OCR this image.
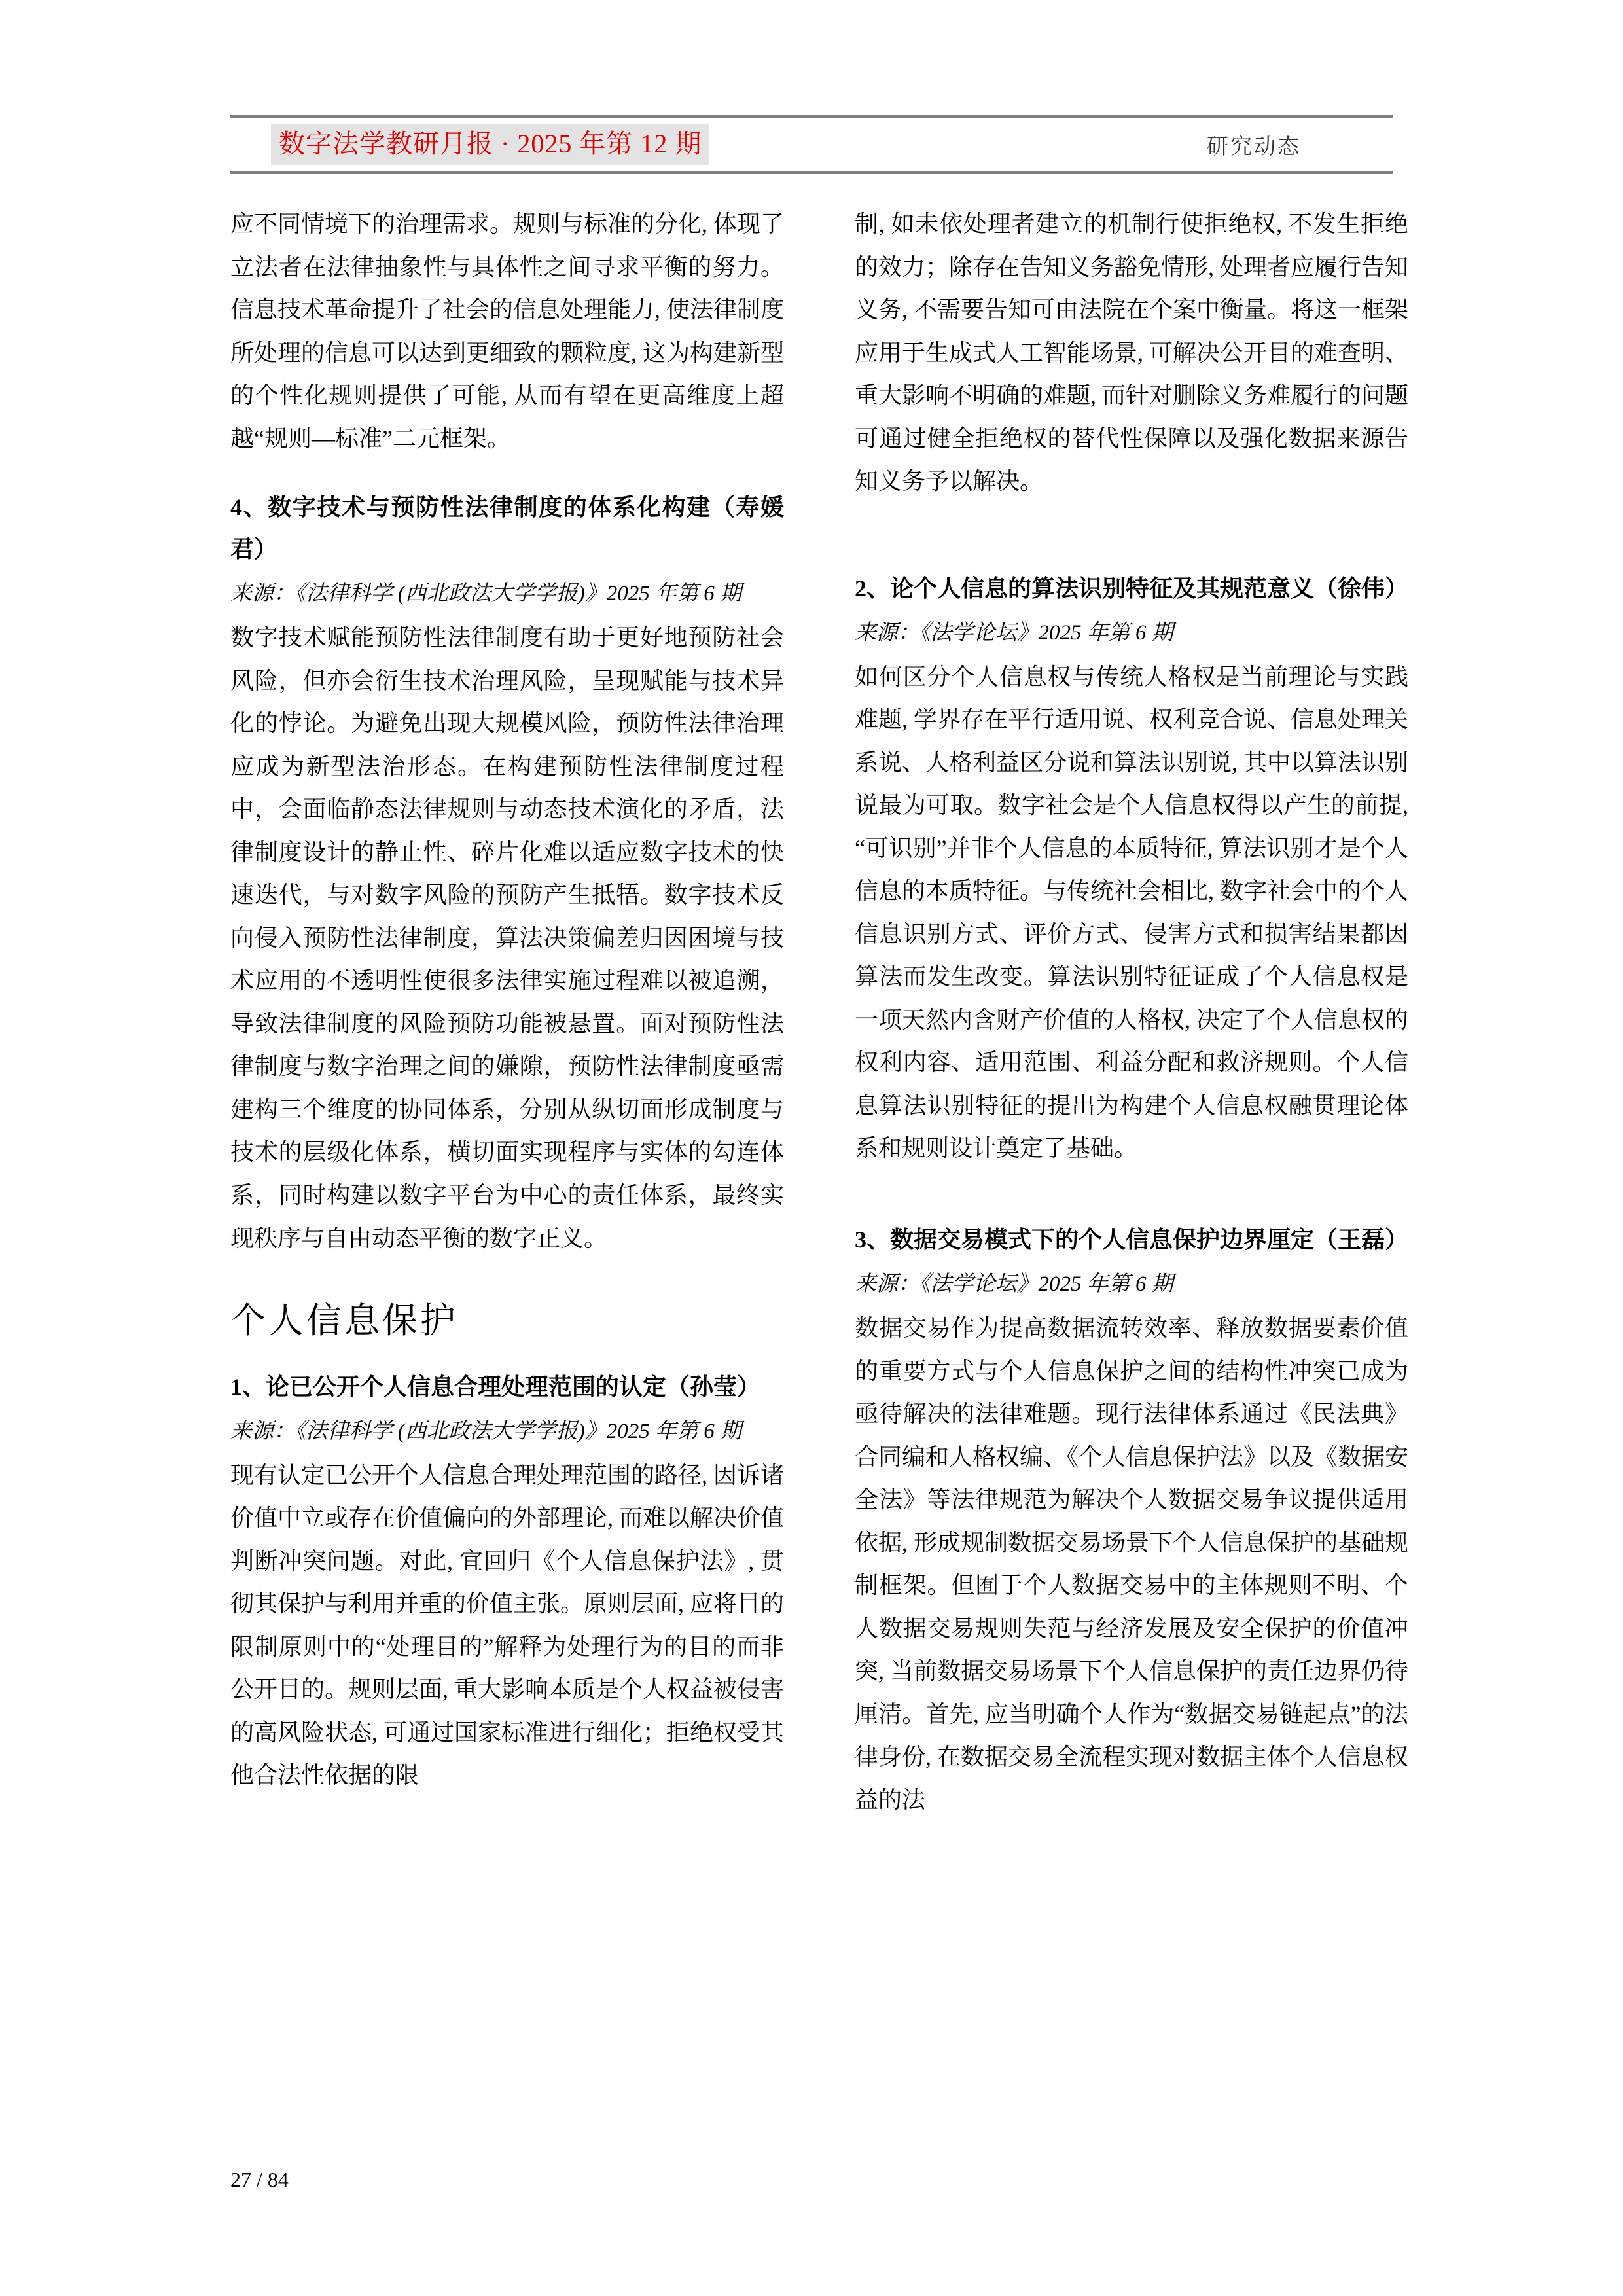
数字法学教研月报 · 2025 年第 12 期	研究动态

应不同情境下的治理需求。规则与标准的分化, 体现了立法者在法律抽象性与具体性之间寻求平衡的努力。信息技术革命提升了社会的信息处理能力, 使法律制度所处理的信息可以达到更细致的颗粒度, 这为构建新型的个性化规则提供了可能, 从而有望在更高维度上超越“规则—标准”二元框架。

4、数字技术与预防性法律制度的体系化构建（寿媛君）

来源：《法律科学 (西北政法大学学报)》2025 年第 6 期

数字技术赋能预防性法律制度有助于更好地预防社会风险，但亦会衍生技术治理风险，呈现赋能与技术异化的悖论。为避免出现大规模风险，预防性法律治理应成为新型法治形态。在构建预防性法律制度过程中，会面临静态法律规则与动态技术演化的矛盾，法律制度设计的静止性、碎片化难以适应数字技术的快速迭代，与对数字风险的预防产生抵牾。数字技术反向侵入预防性法律制度，算法决策偏差归因困境与技术应用的不透明性使很多法律实施过程难以被追溯，导致法律制度的风险预防功能被悬置。面对预防性法律制度与数字治理之间的嫌隙，预防性法律制度亟需建构三个维度的协同体系，分别从纵切面形成制度与技术的层级化体系，横切面实现程序与实体的勾连体系，同时构建以数字平台为中心的责任体系，最终实现秩序与自由动态平衡的数字正义。

个人信息保护
1、论已公开个人信息合理处理范围的认定（孙莹）

来源：《法律科学 (西北政法大学学报)》2025 年第 6 期

现有认定已公开个人信息合理处理范围的路径, 因诉诸价值中立或存在价值偏向的外部理论, 而难以解决价值判断冲突问题。对此, 宜回归《个人信息保护法》, 贯彻其保护与利用并重的价值主张。原则层面, 应将目的限制原则中的“处理目的”解释为处理行为的目的而非公开目的。规则层面, 重大影响本质是个人权益被侵害的高风险状态, 可通过国家标准进行细化；拒绝权受其他合法性依据的限

制, 如未依处理者建立的机制行使拒绝权, 不发生拒绝的效力；除存在告知义务豁免情形, 处理者应履行告知义务, 不需要告知可由法院在个案中衡量。将这一框架应用于生成式人工智能场景, 可解决公开目的难查明、重大影响不明确的难题, 而针对删除义务难履行的问题可通过健全拒绝权的替代性保障以及强化数据来源告知义务予以解决。

2、论个人信息的算法识别特征及其规范意义（徐伟）

来源：《法学论坛》2025 年第 6 期

如何区分个人信息权与传统人格权是当前理论与实践难题, 学界存在平行适用说、权利竞合说、信息处理关系说、人格利益区分说和算法识别说, 其中以算法识别说最为可取。数字社会是个人信息权得以产生的前提, “可识别”并非个人信息的本质特征, 算法识别才是个人信息的本质特征。与传统社会相比, 数字社会中的个人信息识别方式、评价方式、侵害方式和损害结果都因算法而发生改变。算法识别特征证成了个人信息权是一项天然内含财产价值的人格权, 决定了个人信息权的权利内容、适用范围、利益分配和救济规则。个人信息算法识别特征的提出为构建个人信息权融贯理论体系和规则设计奠定了基础。

3、数据交易模式下的个人信息保护边界厘定（王磊）

来源：《法学论坛》2025 年第 6 期

数据交易作为提高数据流转效率、释放数据要素价值的重要方式与个人信息保护之间的结构性冲突已成为亟待解决的法律难题。现行法律体系通过《民法典》合同编和人格权编、《个人信息保护法》以及《数据安全法》等法律规范为解决个人数据交易争议提供适用依据, 形成规制数据交易场景下个人信息保护的基础规制框架。但囿于个人数据交易中的主体规则不明、个人数据交易规则失范与经济发展及安全保护的价值冲突, 当前数据交易场景下个人信息保护的责任边界仍待厘清。首先, 应当明确个人作为“数据交易链起点”的法律身份, 在数据交易全流程实现对数据主体个人信息权益的法

27 / 84
